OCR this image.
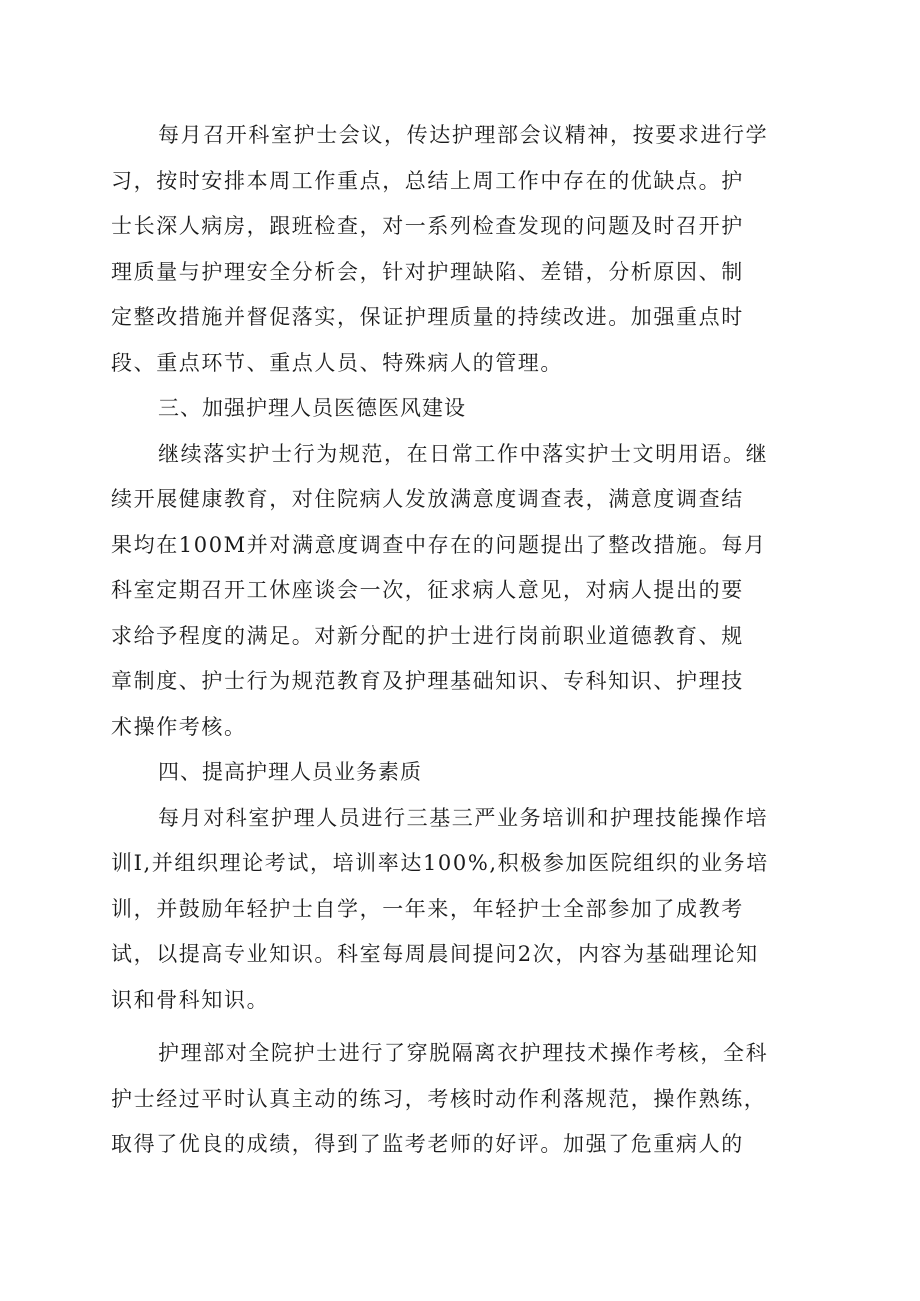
每月召开科室护士会议，传达护理部会议精神，按要求进行学
习，按时安排本周工作重点，总结上周工作中存在的优缺点。护
士长深人病房，跟班检查，对一系列检查发现的问题及时召开护
理质量与护理安全分析会，针对护理缺陷、差错，分析原因、制
定整改措施并督促落实，保证护理质量的持续改进。加强重点时
段、重点环节、重点人员、特殊病人的管理。

三、加强护理人员医德医风建设

继续落实护士行为规范，在日常工作中落实护士文明用语。继
续开展健康教育，对住院病人发放满意度调查表，满意度调查结
果均在100M并对满意度调查中存在的问题提出了整改措施。每月
科室定期召开工休座谈会一次，征求病人意见，对病人提出的要
求给予程度的满足。对新分配的护士进行岗前职业道德教育、规
章制度、护士行为规范教育及护理基础知识、专科知识、护理技
术操作考核。

四、提高护理人员业务素质

每月对科室护理人员进行三基三严业务培训和护理技能操作培
训I,并组织理论考试，培训率达100%,积极参加医院组织的业务培
训，并鼓励年轻护士自学，一年来，年轻护士全部参加了成教考
试，以提高专业知识。科室每周晨间提问2次，内容为基础理论知
识和骨科知识。

护理部对全院护士进行了穿脱隔离衣护理技术操作考核，全科
护士经过平时认真主动的练习，考核时动作利落规范，操作熟练，
取得了优良的成绩，得到了监考老师的好评。加强了危重病人的
